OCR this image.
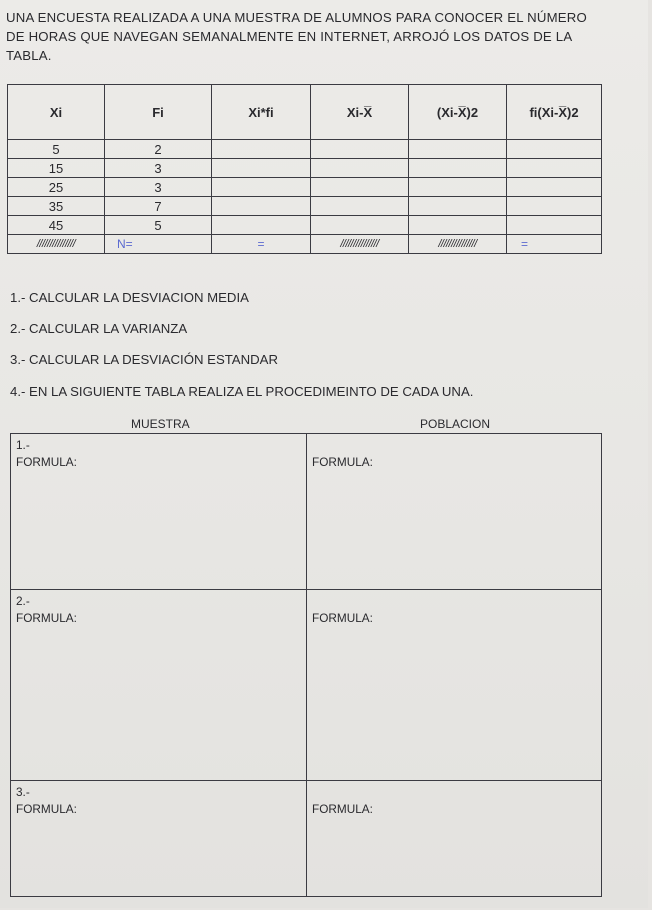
UNA ENCUESTA REALIZADA A UNA MUESTRA DE ALUMNOS PARA CONOCER EL NÚMERO DE HORAS QUE NAVEGAN SEMANALMENTE EN INTERNET, ARROJÓ LOS DATOS DE LA TABLA.

Xi	Fi	Xi*fi	Xi-X̅	(Xi-X̅)2	fi(Xi-X̅)2
5	2				
15	3				
25	3				
35	7				
45	5				
///////////////	N=	=	///////////////	///////////////	=
1.- CALCULAR LA DESVIACION MEDIA
2.- CALCULAR LA VARIANZA
3.- CALCULAR LA DESVIACIÓN ESTANDAR
4.- EN LA SIGUIENTE TABLA REALIZA EL PROCEDIMEINTO DE CADA UNA.
MUESTRA	POBLACION
1.-
FORMULA:	FORMULA:

2.-
FORMULA:	FORMULA:

3.-
FORMULA:	FORMULA:
